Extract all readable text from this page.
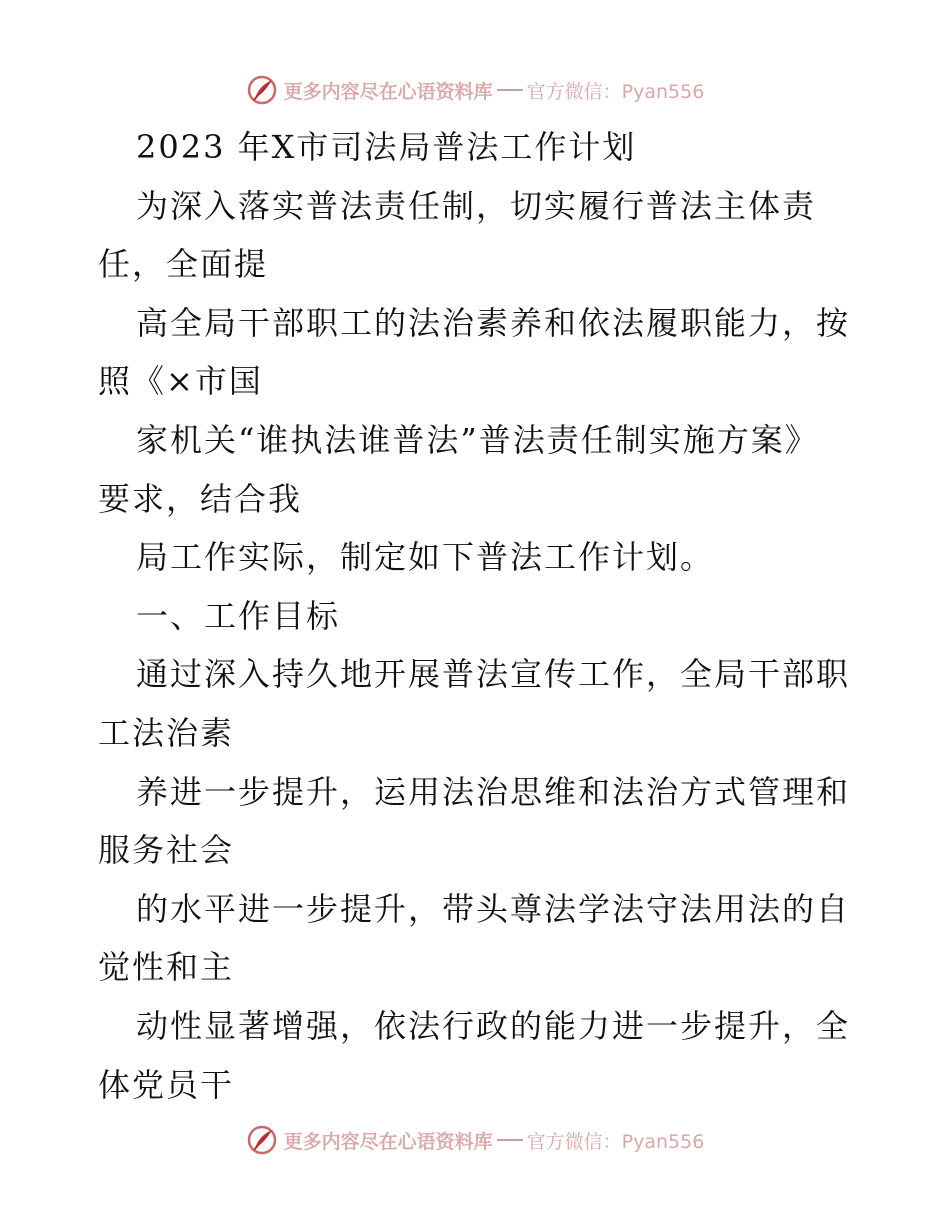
更多内容尽在心语资料库 官方微信：Pyan556
2023 年X市司法局普法工作计划
为深入落实普法责任制，切实履行普法主体责
任，全面提
高全局干部职工的法治素养和依法履职能力，按
照《×市国
家机关“谁执法谁普法”普法责任制实施方案》
要求，结合我
局工作实际，制定如下普法工作计划。
一、工作目标
通过深入持久地开展普法宣传工作，全局干部职
工法治素
养进一步提升，运用法治思维和法治方式管理和
服务社会
的水平进一步提升，带头尊法学法守法用法的自
觉性和主
动性显著增强，依法行政的能力进一步提升，全
体党员干
更多内容尽在心语资料库 官方微信：Pyan556
